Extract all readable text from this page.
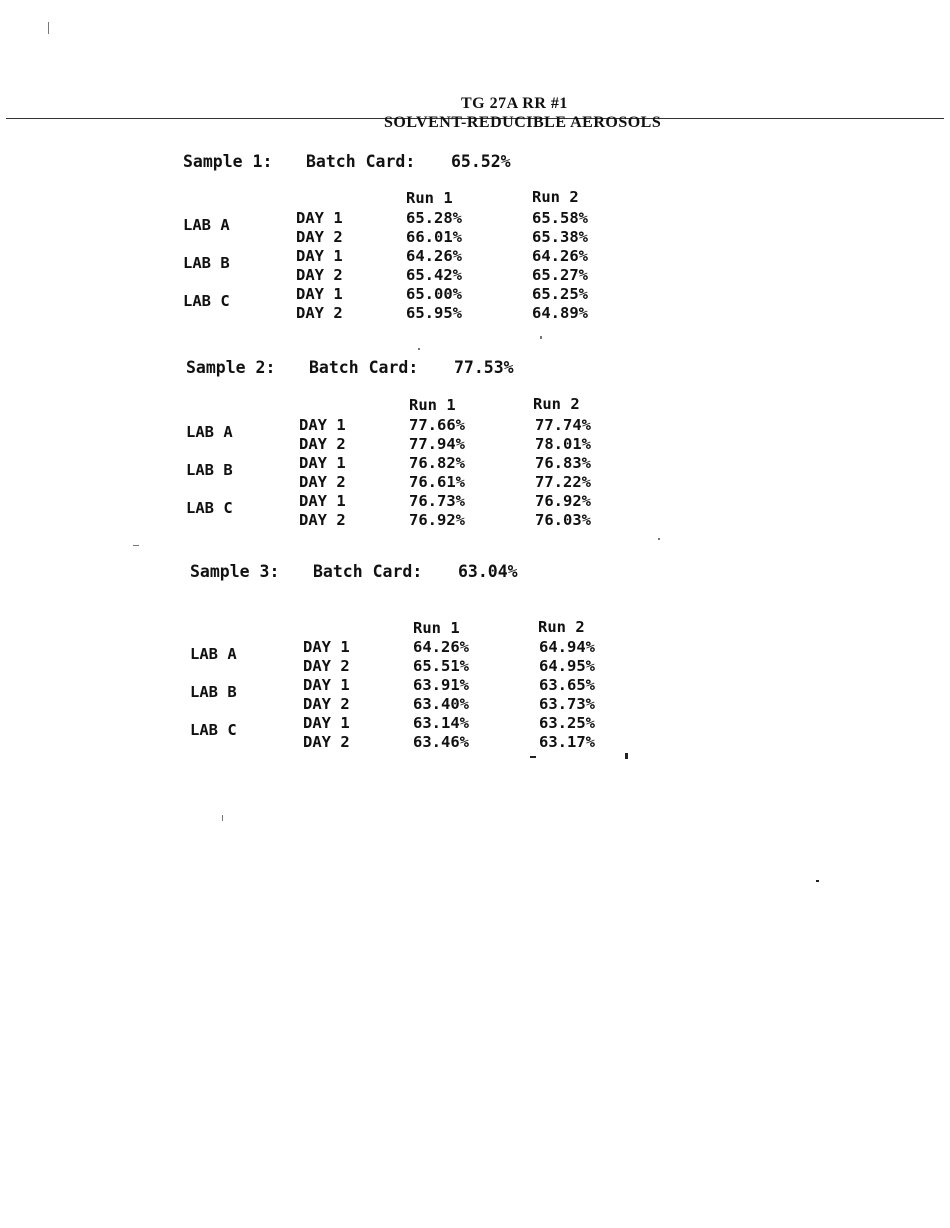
TG 27A RR #1
SOLVENT-REDUCIBLE AEROSOLS
Sample 1: Batch Card: 65.52%
Run 1	Run 2
LAB A	DAY 1	65.28%	65.58%
DAY 2	66.01%	65.38%
LAB B	DAY 1	64.26%	64.26%
DAY 2	65.42%	65.27%
LAB C	DAY 1	65.00%	65.25%
DAY 2	65.95%	64.89%
Sample 2: Batch Card: 77.53%
Run 1	Run 2
LAB A	DAY 1	77.66%	77.74%
DAY 2	77.94%	78.01%
LAB B	DAY 1	76.82%	76.83%
DAY 2	76.61%	77.22%
LAB C	DAY 1	76.73%	76.92%
DAY 2	76.92%	76.03%
Sample 3: Batch Card: 63.04%
Run 1	Run 2
LAB A	DAY 1	64.26%	64.94%
DAY 2	65.51%	64.95%
LAB B	DAY 1	63.91%	63.65%
DAY 2	63.40%	63.73%
LAB C	DAY 1	63.14%	63.25%
DAY 2	63.46%	63.17%
